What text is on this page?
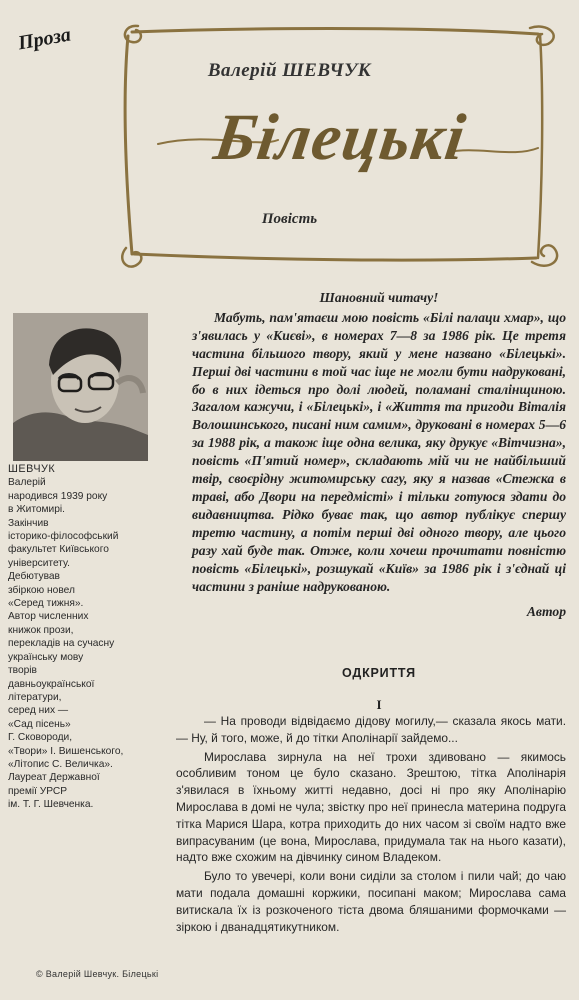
Проза
Валерій ШЕВЧУК
Білецькі
Повість
ШЕВЧУК
Валерій
народився 1939 року
в Житомирі.
Закінчив
історико-філософський
факультет Київського
університету.
Дебютував
збіркою новел
«Серед тижня».
Автор численних
книжок прози,
перекладів на сучасну
українську мову
творів
давньоукраїнської
літератури,
серед них —
«Сад пісень»
Г. Сковороди,
«Твори» І. Вишенського,
«Літопис С. Величка».
Лауреат Державної
премії УРСР
ім. Т. Г. Шевченка.
Шановний читачу!
Мабуть, пам'ятаєш мою повість «Білі палаци хмар», що з'явилась у «Києві», в номерах 7—8 за 1986 рік. Це третя частина більшого твору, який у мене названо «Білецькі». Перші дві частини в той час іще не могли бути надруковані, бо в них ідеться про долі людей, поламані сталінщиною. Загалом кажучи, і «Білецькі», і «Життя та пригоди Віталія Волошинського, писані ним самим», друковані в номерах 5—6 за 1988 рік, а також іще одна велика, яку друкує «Вітчизна», повість «П'ятий номер», складають мій чи не найбільший твір, своєрідну житомирську сагу, яку я назвав «Стежка в траві, або Двори на передмісті» і тільки готуюся здати до видавництва. Рідко буває так, що автор публікує спершу третю частину, а потім перші дві одного твору, але цього разу хай буде так. Отже, коли хочеш прочитати повністю повість «Білецькі», розшукай «Київ» за 1986 рік і з'єднай ці частини з раніше надрукованою.
Автор
ОДКРИТТЯ
I

— На проводи відвідаємо дідову могилу,— сказала якось мати. — Ну, й того, може, й до тітки Аполінарії зайдемо...

Мирослава зирнула на неї трохи здивовано — якимось особливим тоном це було сказано. Зрештою, тітка Аполінарія з'явилася в їхньому житті недавно, досі ні про яку Аполінарію Мирослава в домі не чула; звістку про неї принесла материна подруга тітка Марися Шара, котра приходить до них часом зі своїм надто вже випрасуваним (це вона, Мирослава, придумала так на нього казати), надто вже схожим на дівчинку сином Владеком.

Було то увечері, коли вони сиділи за столом і пили чай; до чаю мати подала домашні коржики, посипані маком; Мирослава сама витискала їх із розкоченого тіста двома бляшаними формочками — зіркою і дванадцятикутником.

© Валерій Шевчук. Білецькі
